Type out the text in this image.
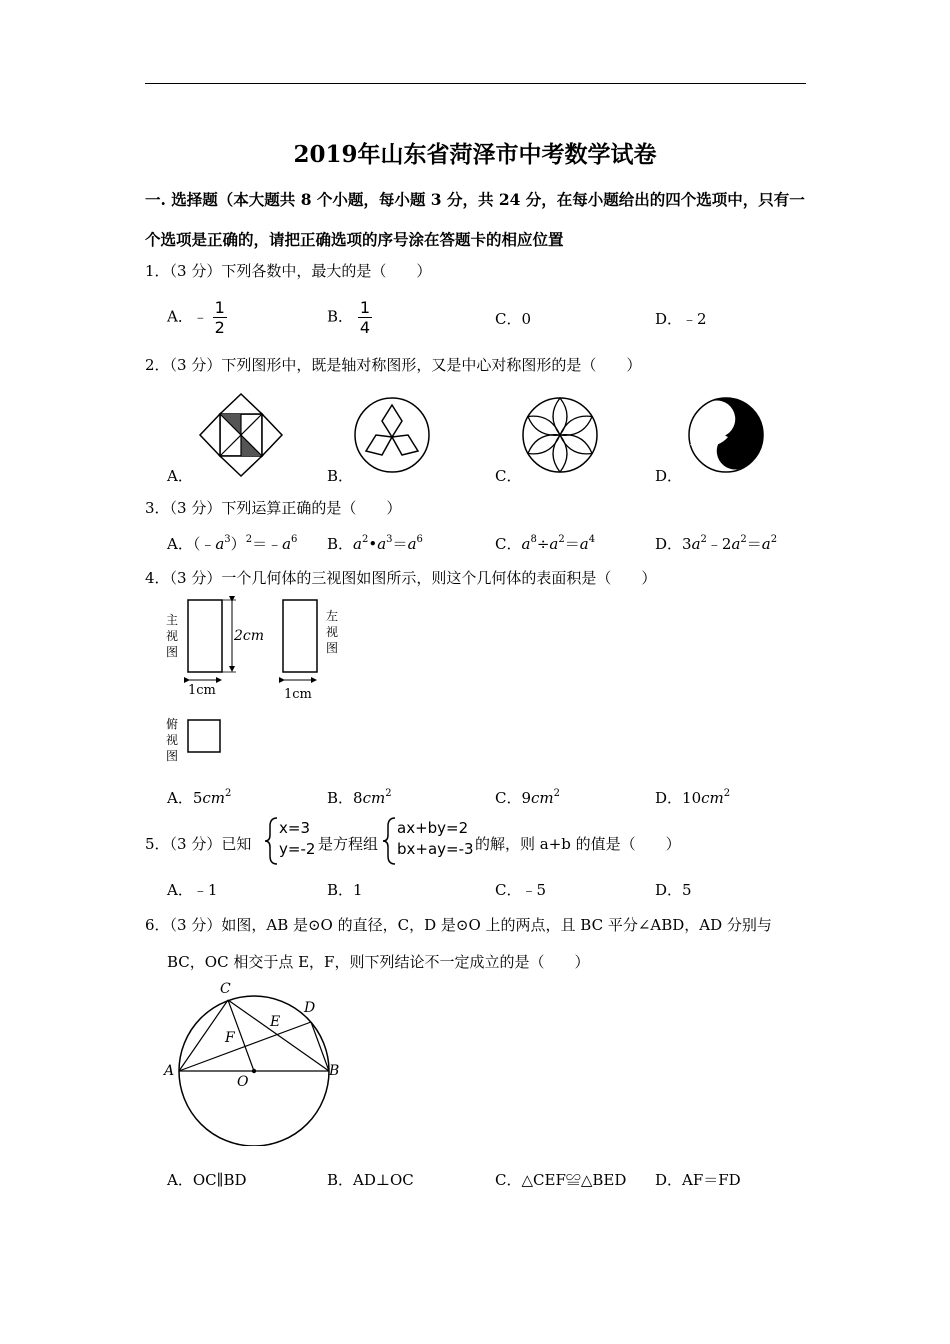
2019年山东省菏泽市中考数学试卷
一. 选择题（本大题共 8 个小题，每小题 3 分，共 24 分，在每小题给出的四个选项中，只有一
个选项是正确的，请把正确选项的序号涂在答题卡的相应位置
1．（3 分）下列各数中，最大的是（　　）
A．﹣ $\frac{1}{2}$	B． $\frac{1}{4}$	C．0	D．﹣2
2．（3 分）下列图形中，既是轴对称图形，又是中心对称图形的是（　　）
A．	B．	C．	D．
3．（3 分）下列运算正确的是（　　）
A．$(﹣a^3)^2=﹣a^6$ B．$a^2•a^3=a^6$	C．$a^8\div a^2=a^4$	D．$3a^2﹣2a^2=a^2$
4．（3 分）一个几何体的三视图如图所示，则这个几何体的表面积是（　　）
2cm
1cm
主
视
图
1cm
左
视
图
俯
视
图
A．$5cm^2$	B．$8cm^2$	C．$9cm^2$	D．$10cm^2$
5．（3 分）已知
x=3
y=-2 是方程组
ax+by=2
bx+ay=-3 的解，则 a+b 的值是（　　）
A．﹣1	B．1	C．﹣5	D．5
6．（3 分）如图，AB 是⊙O 的直径，C，D 是⊙O 上的两点，且 BC 平分∠ABD，AD 分别与
BC，OC 相交于点 E，F，则下列结论不一定成立的是（　　）
C
D
E
F
A	B
O
A．OC∥BD	B．AD⊥OC	C．△CEF≌△BED D．AF＝FD
